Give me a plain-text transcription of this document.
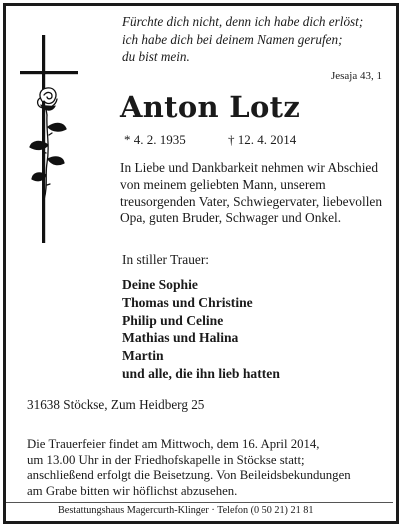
Fürchte dich nicht, denn ich habe dich erlöst;
ich habe dich bei deinem Namen gerufen;
du bist mein.
Jesaja 43, 1
Anton Lotz
* 4. 2. 1935	† 12. 4. 2014
In Liebe und Dankbarkeit nehmen wir Abschied
von meinem geliebten Mann, unserem
treusorgenden Vater, Schwiegervater, liebevollen
Opa, guten Bruder, Schwager und Onkel.
In stiller Trauer:
Deine Sophie
Thomas und Christine
Philip und Celine
Mathias und Halina
Martin
und alle, die ihn lieb hatten
31638 Stöckse, Zum Heidberg 25
Die Trauerfeier findet am Mittwoch, dem 16. April 2014,
um 13.00 Uhr in der Friedhofskapelle in Stöckse statt;
anschließend erfolgt die Beisetzung. Von Beileidsbekundungen
am Grabe bitten wir höflichst abzusehen.
Bestattungshaus Magercurth-Klinger · Telefon (0 50 21) 21 81
